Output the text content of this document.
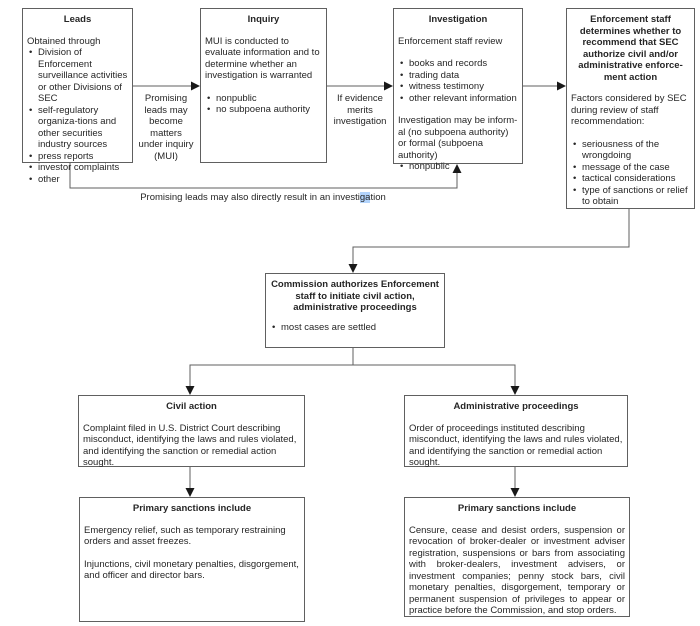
Leads
Obtained through
• Division of Enforcement surveillance activities or other Divisions of SEC
• self-regulatory organiza-tions and other securities industry sources
• press reports
• investor complaints
• other
Inquiry
MUI is conducted to evaluate information and to determine whether an investigation is warranted
• nonpublic
• no subpoena authority
Investigation
Enforcement staff review
• books and records
• trading data
• witness testimony
• other relevant information
Investigation may be inform-al (no subpoena authority) or formal (subpoena authority)
• nonpublic
Enforcement staff determines whether to recommend that SEC authorize civil and/or administrative enforce-ment action
Factors considered by SEC during review of staff recommendation:
• seriousness of the wrongdoing
• message of the case
• tactical considerations
• type of sanctions or relief to obtain
Commission authorizes Enforcement staff to initiate civil action, administrative proceedings
• most cases are settled
Civil action
Complaint filed in U.S. District Court describing misconduct, identifying the laws and rules violated, and identifying the sanction or remedial action sought.
Administrative proceedings
Order of proceedings instituted describing misconduct, identifying the laws and rules violated, and identifying the sanction or remedial action sought.
Primary sanctions include
Emergency relief, such as temporary restraining orders and asset freezes.
Injunctions, civil monetary penalties, disgorgement, and officer and director bars.
Primary sanctions include
Censure, cease and desist orders, suspension or revocation of broker-dealer or investment adviser registration, suspensions or bars from associating with broker-dealers, investment advisers, or investment companies; penny stock bars, civil monetary penalties, disgorgement, temporary or permanent suspension of privileges to appear or practice before the Commission, and stop orders.
Promising leads may become matters under inquiry (MUI)
If evidence merits investigation
Promising leads may also directly result in an investigation
